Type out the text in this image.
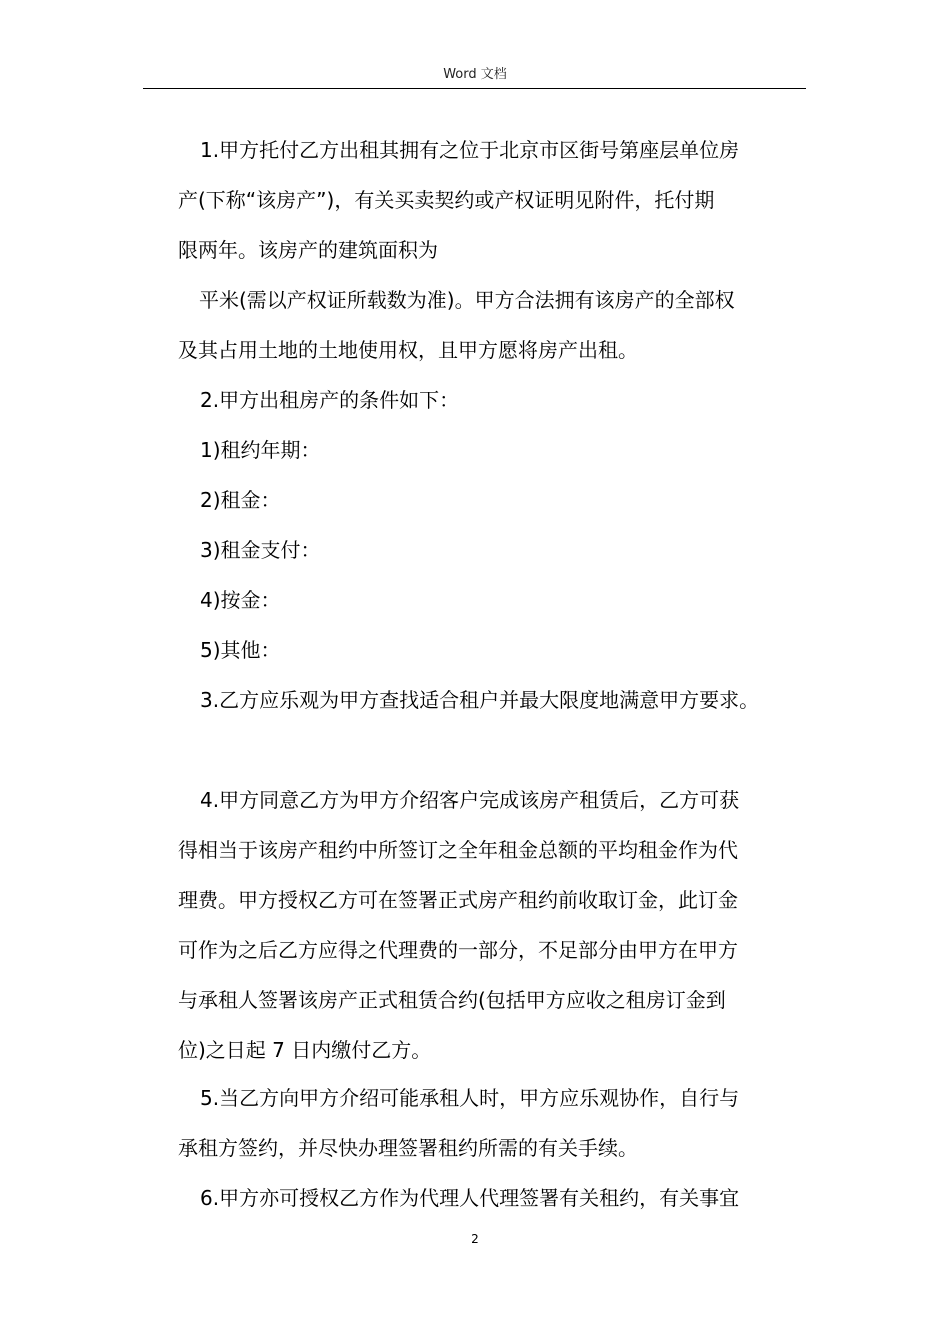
Word 文档
1.甲方托付乙方出租其拥有之位于北京市区街号第座层单位房
产(下称“该房产”)，有关买卖契约或产权证明见附件，托付期
限两年。该房产的建筑面积为
平米(需以产权证所载数为准)。甲方合法拥有该房产的全部权
及其占用土地的土地使用权，且甲方愿将房产出租。
2.甲方出租房产的条件如下：
1)租约年期：
2)租金：
3)租金支付：
4)按金：
5)其他：
3.乙方应乐观为甲方查找适合租户并最大限度地满意甲方要求。
4.甲方同意乙方为甲方介绍客户完成该房产租赁后，乙方可获
得相当于该房产租约中所签订之全年租金总额的平均租金作为代
理费。甲方授权乙方可在签署正式房产租约前收取订金，此订金
可作为之后乙方应得之代理费的一部分，不足部分由甲方在甲方
与承租人签署该房产正式租赁合约(包括甲方应收之租房订金到
位)之日起 7 日内缴付乙方。
5.当乙方向甲方介绍可能承租人时，甲方应乐观协作，自行与
承租方签约，并尽快办理签署租约所需的有关手续。
6.甲方亦可授权乙方作为代理人代理签署有关租约，有关事宜
2
